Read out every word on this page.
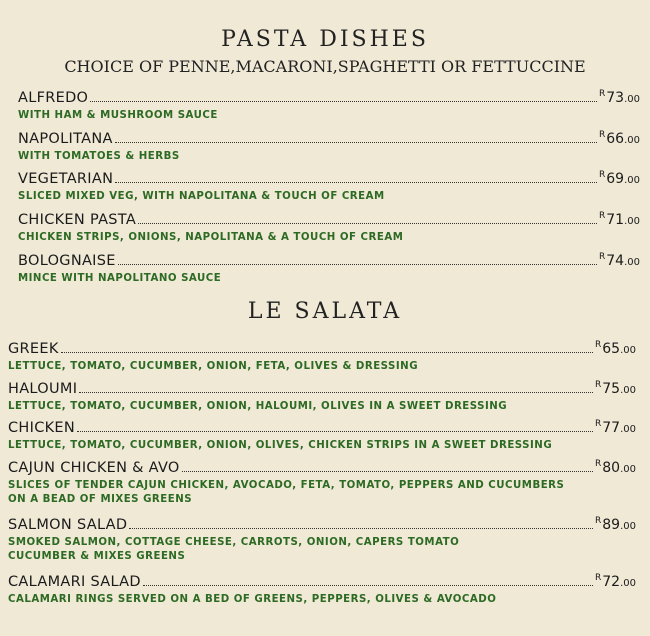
PASTA DISHES
CHOICE OF PENNE,MACARONI,SPAGHETTI OR FETTUCCINE
ALFREDO	$^R$73.00
WITH HAM & MUSHROOM SAUCE
NAPOLITANA	$^R$66.00
WITH TOMATOES & HERBS
VEGETARIAN	$^R$69.00
SLICED MIXED VEG, WITH NAPOLITANA & TOUCH OF CREAM
CHICKEN PASTA	$^R$71.00
CHICKEN STRIPS, ONIONS, NAPOLITANA & A TOUCH OF CREAM
BOLOGNAISE	$^R$74.00
MINCE WITH NAPOLITANO SAUCE
LE SALATA
GREEK	$^R$65.00
LETTUCE, TOMATO, CUCUMBER, ONION, FETA, OLIVES & DRESSING
HALOUMI	$^R$75.00
LETTUCE, TOMATO, CUCUMBER, ONION, HALOUMI, OLIVES IN A SWEET DRESSING
CHICKEN	$^R$77.00
LETTUCE, TOMATO, CUCUMBER, ONION, OLIVES, CHICKEN STRIPS IN A SWEET DRESSING
CAJUN CHICKEN & AVO	$^R$80.00
SLICES OF TENDER CAJUN CHICKEN, AVOCADO, FETA, TOMATO, PEPPERS AND CUCUMBERS
ON A BEAD OF MIXES GREENS
SALMON SALAD	$^R$89.00
SMOKED SALMON, COTTAGE CHEESE, CARROTS, ONION, CAPERS TOMATO
CUCUMBER & MIXES GREENS
CALAMARI SALAD	$^R$72.00
CALAMARI RINGS SERVED ON A BED OF GREENS, PEPPERS, OLIVES & AVOCADO
